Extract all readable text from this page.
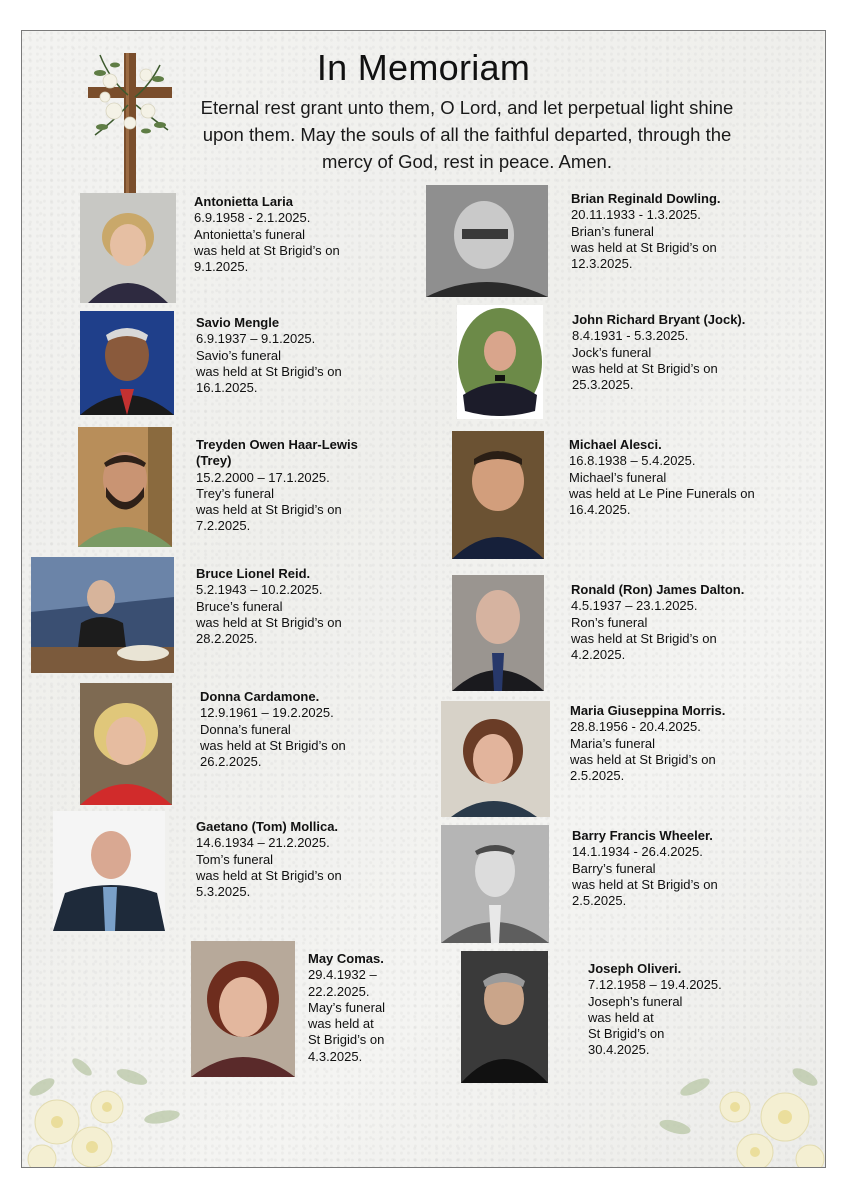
In Memoriam

Eternal rest grant unto them, O Lord, and let perpetual light shine upon them. May the souls of all the faithful departed, through the mercy of God, rest in peace. Amen.

Antonietta Laria
6.9.1958 - 2.1.2025.
Antonietta’s funeral
was held at St Brigid’s on
9.1.2025.
Savio Mengle
6.9.1937 – 9.1.2025.
Savio’s funeral
was held at St Brigid’s on
16.1.2025.
Treyden Owen Haar-Lewis
(Trey)
15.2.2000 – 17.1.2025.
Trey’s funeral
was held at St Brigid’s on
7.2.2025.
Bruce Lionel Reid.
5.2.1943 – 10.2.2025.
Bruce’s funeral
was held at St Brigid’s on
28.2.2025.
Donna Cardamone.
12.9.1961 – 19.2.2025.
Donna’s funeral
was held at St Brigid’s on
26.2.2025.
Gaetano (Tom) Mollica.
14.6.1934 – 21.2.2025.
Tom’s funeral
was held at St Brigid’s on
5.3.2025.
May Comas.
29.4.1932 –
22.2.2025.
May’s funeral
was held at
St Brigid’s on
4.3.2025.
Brian Reginald Dowling.
20.11.1933 - 1.3.2025.
Brian’s funeral
was held at St Brigid’s on
12.3.2025.
John Richard Bryant (Jock).
8.4.1931 - 5.3.2025.
Jock’s funeral
was held at St Brigid’s on
25.3.2025.
Michael Alesci.
16.8.1938 – 5.4.2025.
Michael’s funeral
was held at Le Pine Funerals on
16.4.2025.
Ronald (Ron) James Dalton.
4.5.1937 – 23.1.2025.
Ron’s funeral
was held at St Brigid’s on
4.2.2025.
Maria Giuseppina Morris.
28.8.1956 - 20.4.2025.
Maria’s funeral
was held at St Brigid’s on
2.5.2025.
Barry Francis Wheeler.
14.1.1934 - 26.4.2025.
Barry’s funeral
was held at St Brigid’s on
2.5.2025.
Joseph Oliveri.
7.12.1958 – 19.4.2025.
Joseph’s funeral
was held at
St Brigid’s on
30.4.2025.
